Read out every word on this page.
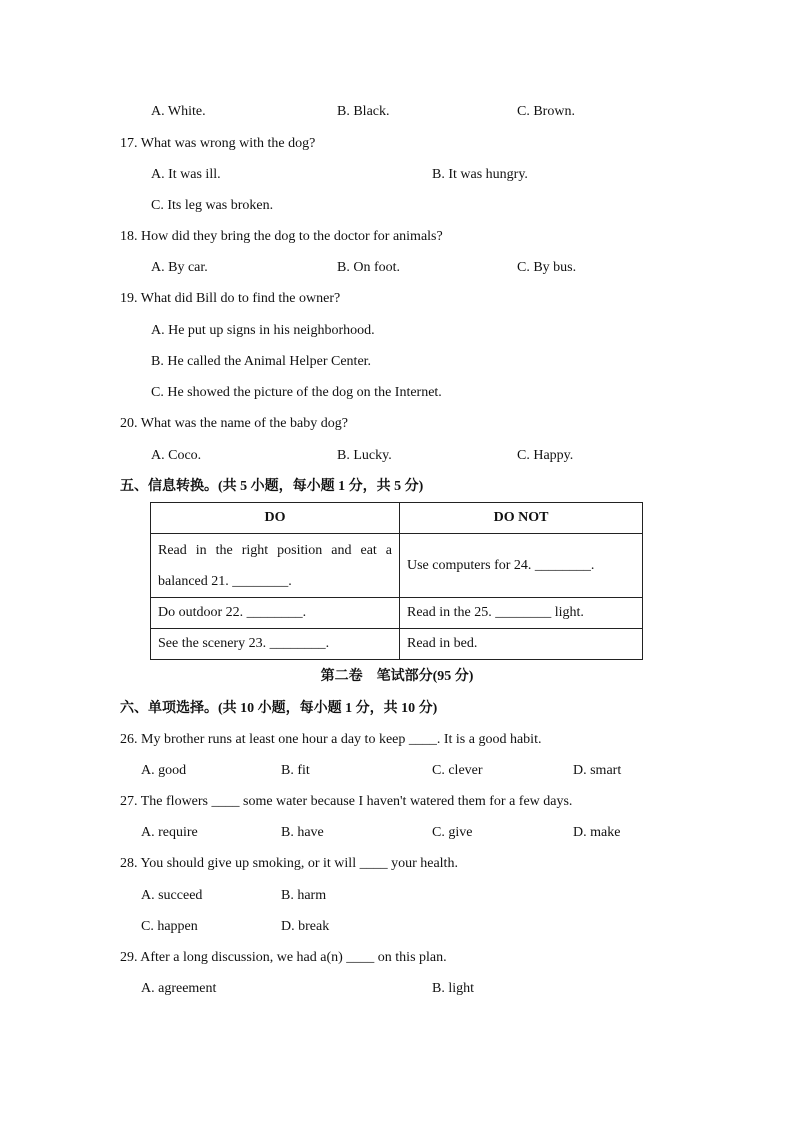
A. White.	B. Black.	C. Brown.
17. What was wrong with the dog?
A. It was ill.	B. It was hungry.
C. Its leg was broken.
18. How did they bring the dog to the doctor for animals?
A. By car.	B. On foot.	C. By bus.
19. What did Bill do to find the owner?
A. He put up signs in his neighborhood.
B. He called the Animal Helper Center.
C. He showed the picture of the dog on the Internet.
20. What was the name of the baby dog?
A. Coco.	B. Lucky.	C. Happy.
五、信息转换。(共 5 小题，每小题 1 分，共 5 分)
DO	DO NOT
Read in the right position and eat a balanced 21. ________.	Use computers for 24. ________.
Do outdoor 22. ________.	Read in the 25. ________ light.
See the scenery 23. ________.	Read in bed.
第二卷　笔试部分(95 分)
六、单项选择。(共 10 小题，每小题 1 分，共 10 分)
26. My brother runs at least one hour a day to keep ____. It is a good habit.
A. good	B. fit	C. clever	D. smart
27. The flowers ____ some water because I haven't watered them for a few days.
A. require	B. have	C. give	D. make
28. You should give up smoking, or it will ____ your health.
A. succeed	B. harm
C. happen	D. break
29. After a long discussion, we had a(n) ____ on this plan.
A. agreement	B. light
